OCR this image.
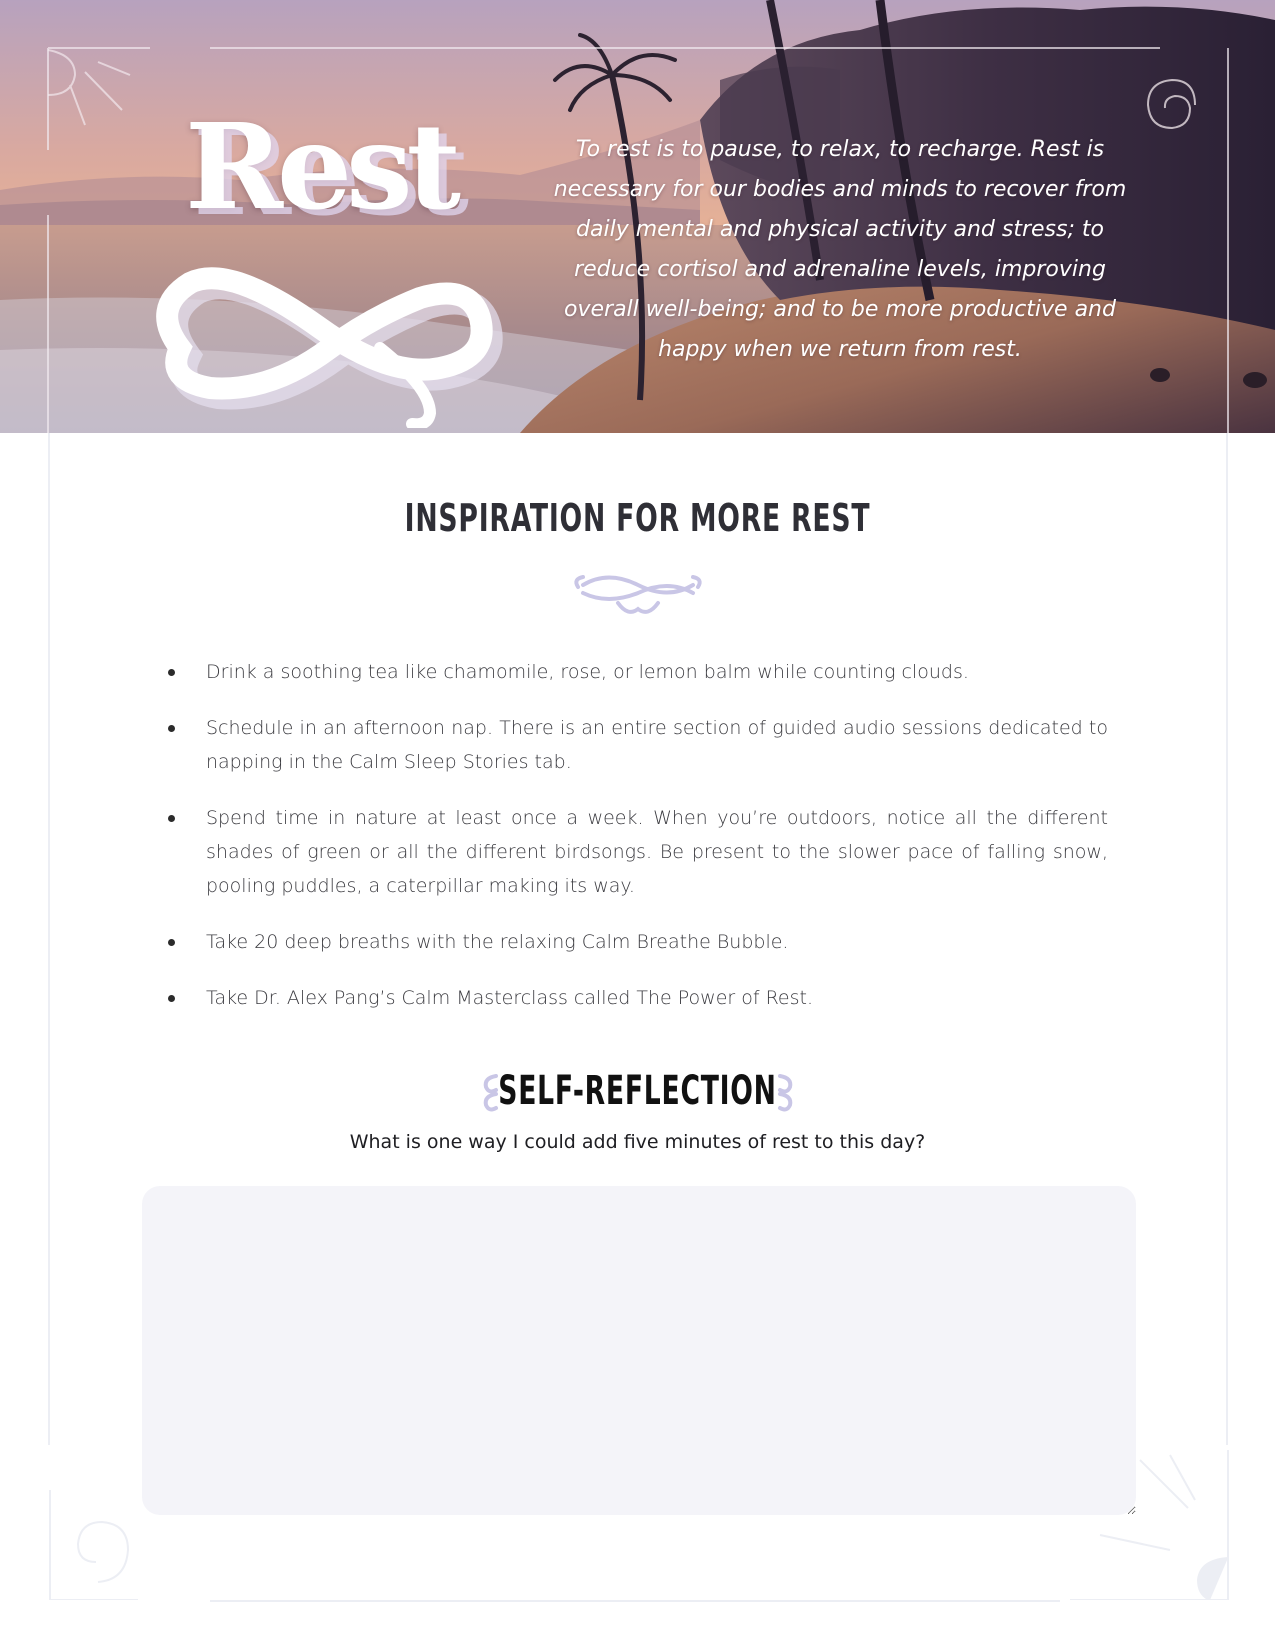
Rest	To rest is to pause, to relax, to recharge. Rest is necessary for our bodies and minds to recover from daily mental and physical activity and stress; to reduce cortisol and adrenaline levels, improving overall well-being; and to be more productive and happy when we return from rest.

INSPIRATION FOR MORE REST

Drink a soothing tea like chamomile, rose, or lemon balm while counting clouds.
Schedule in an afternoon nap. There is an entire section of guided audio sessions dedicated to napping in the Calm Sleep Stories tab.
Spend time in nature at least once a week. When you’re outdoors, notice all the different shades of green or all the different birdsongs. Be present to the slower pace of falling snow, pooling puddles, a caterpillar making its way.
Take 20 deep breaths with the relaxing Calm Breathe Bubble.
Take Dr. Alex Pang’s Calm Masterclass called The Power of Rest.

SELF-REFLECTION

What is one way I could add five minutes of rest to this day?
